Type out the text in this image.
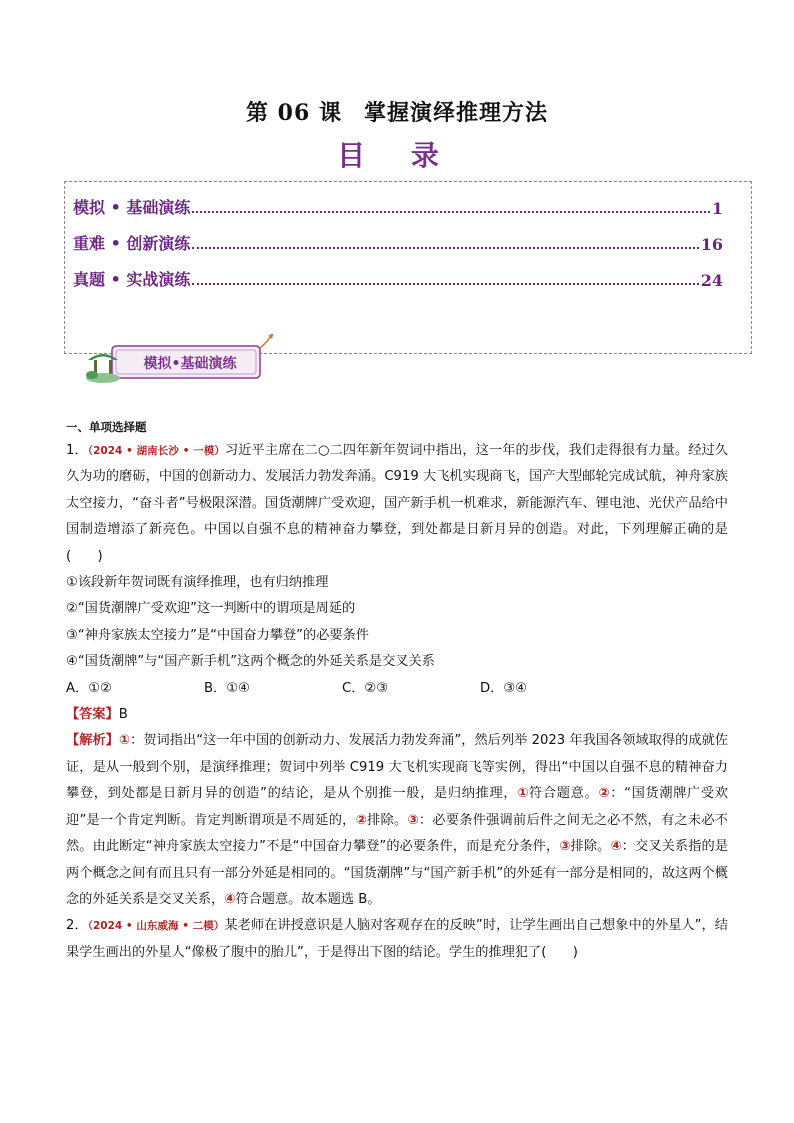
第 06 课 掌握演绎推理方法
目 录
模拟 • 基础演练	1
重难 • 创新演练	16
真题 • 实战演练	24
模拟•基础演练
一、单项选择题

1．（2024 • 湖南长沙 • 一模）习近平主席在二○二四年新年贺词中指出，这一年的步伐，我们走得很有力量。经过久久为功的磨砺，中国的创新动力、发展活力勃发奔涌。C919 大飞机实现商飞，国产大型邮轮完成试航，神舟家族太空接力，“奋斗者”号极限深潜。国货潮牌广受欢迎，国产新手机一机难求，新能源汽车、锂电池、光伏产品给中国制造增添了新亮色。中国以自强不息的精神奋力攀登，到处都是日新月异的创造。对此，下列理解正确的是(　　)

①该段新年贺词既有演绎推理，也有归纳推理

②“国货潮牌广受欢迎”这一判断中的谓项是周延的

③“神舟家族太空接力”是“中国奋力攀登”的必要条件

④“国货潮牌”与“国产新手机”这两个概念的外延关系是交叉关系

A．①②	B．①④	C．②③	D．③④

【答案】B

【解析】①：贺词指出“这一年中国的创新动力、发展活力勃发奔涌”，然后列举 2023 年我国各领域取得的成就佐证，是从一般到个别，是演绎推理；贺词中列举 C919 大飞机实现商飞等实例，得出“中国以自强不息的精神奋力攀登，到处都是日新月异的创造”的结论，是从个别推一般，是归纳推理，①符合题意。②：“国货潮牌广受欢迎”是一个肯定判断。肯定判断谓项是不周延的，②排除。③：必要条件强调前后件之间无之必不然，有之未必不然。由此断定“神舟家族太空接力”不是“中国奋力攀登”的必要条件，而是充分条件，③排除。④：交叉关系指的是两个概念之间有而且只有一部分外延是相同的。“国货潮牌”与“国产新手机”的外延有一部分是相同的，故这两个概念的外延关系是交叉关系，④符合题意。故本题选 B。

2．（2024 • 山东威海 • 二模）某老师在讲授意识是人脑对客观存在的反映”时，让学生画出自己想象中的外星人”，结果学生画出的外星人“像极了腹中的胎儿”，于是得出下图的结论。学生的推理犯了(　　)
